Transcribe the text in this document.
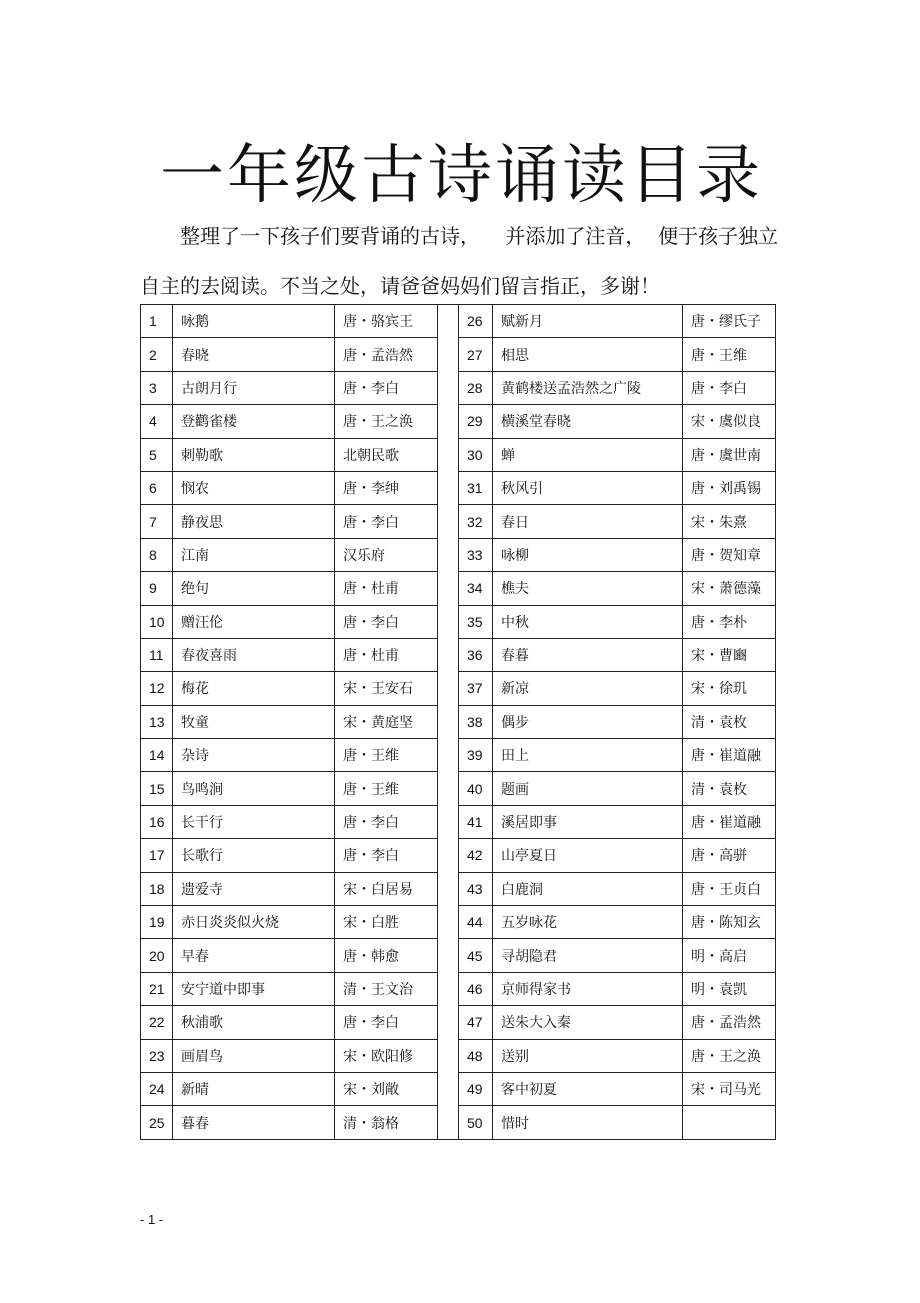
一年级古诗诵读目录
整理了一下孩子们要背诵的古诗，    并添加了注音，  便于孩子独立
自主的去阅读。不当之处，请爸爸妈妈们留言指正，多谢！
1	咏鹅	唐・骆宾王		26	赋新月	唐・缪氏子
2	春晓	唐・孟浩然		27	相思	唐・王维
3	古朗月行	唐・李白		28	黄鹤楼送孟浩然之广陵	唐・李白
4	登鹳雀楼	唐・王之涣		29	横溪堂春晓	宋・虞似良
5	刺勒歌	北朝民歌		30	蝉	唐・虞世南
6	悯农	唐・李绅		31	秋风引	唐・刘禹锡
7	静夜思	唐・李白		32	春日	宋・朱熹
8	江南	汉乐府		33	咏柳	唐・贺知章
9	绝句	唐・杜甫		34	樵夫	宋・萧德藻
10	赠汪伦	唐・李白		35	中秋	唐・李朴
11	春夜喜雨	唐・杜甫		36	春暮	宋・曹豳
12	梅花	宋・王安石		37	新凉	宋・徐玑
13	牧童	宋・黄庭坚		38	偶步	清・袁枚
14	杂诗	唐・王维		39	田上	唐・崔道融
15	鸟鸣涧	唐・王维		40	题画	清・袁枚
16	长干行	唐・李白		41	溪居即事	唐・崔道融
17	长歌行	唐・李白		42	山亭夏日	唐・高骈
18	遗爱寺	宋・白居易		43	白鹿洞	唐・王贞白
19	赤日炎炎似火烧	宋・白胜		44	五岁咏花	唐・陈知玄
20	早春	唐・韩愈		45	寻胡隐君	明・高启
21	安宁道中即事	清・王文治		46	京师得家书	明・袁凯
22	秋浦歌	唐・李白		47	送朱大入秦	唐・孟浩然
23	画眉鸟	宋・欧阳修		48	送别	唐・王之涣
24	新晴	宋・刘敞		49	客中初夏	宋・司马光
25	暮春	清・翁格		50	惜时	
- 1 -
